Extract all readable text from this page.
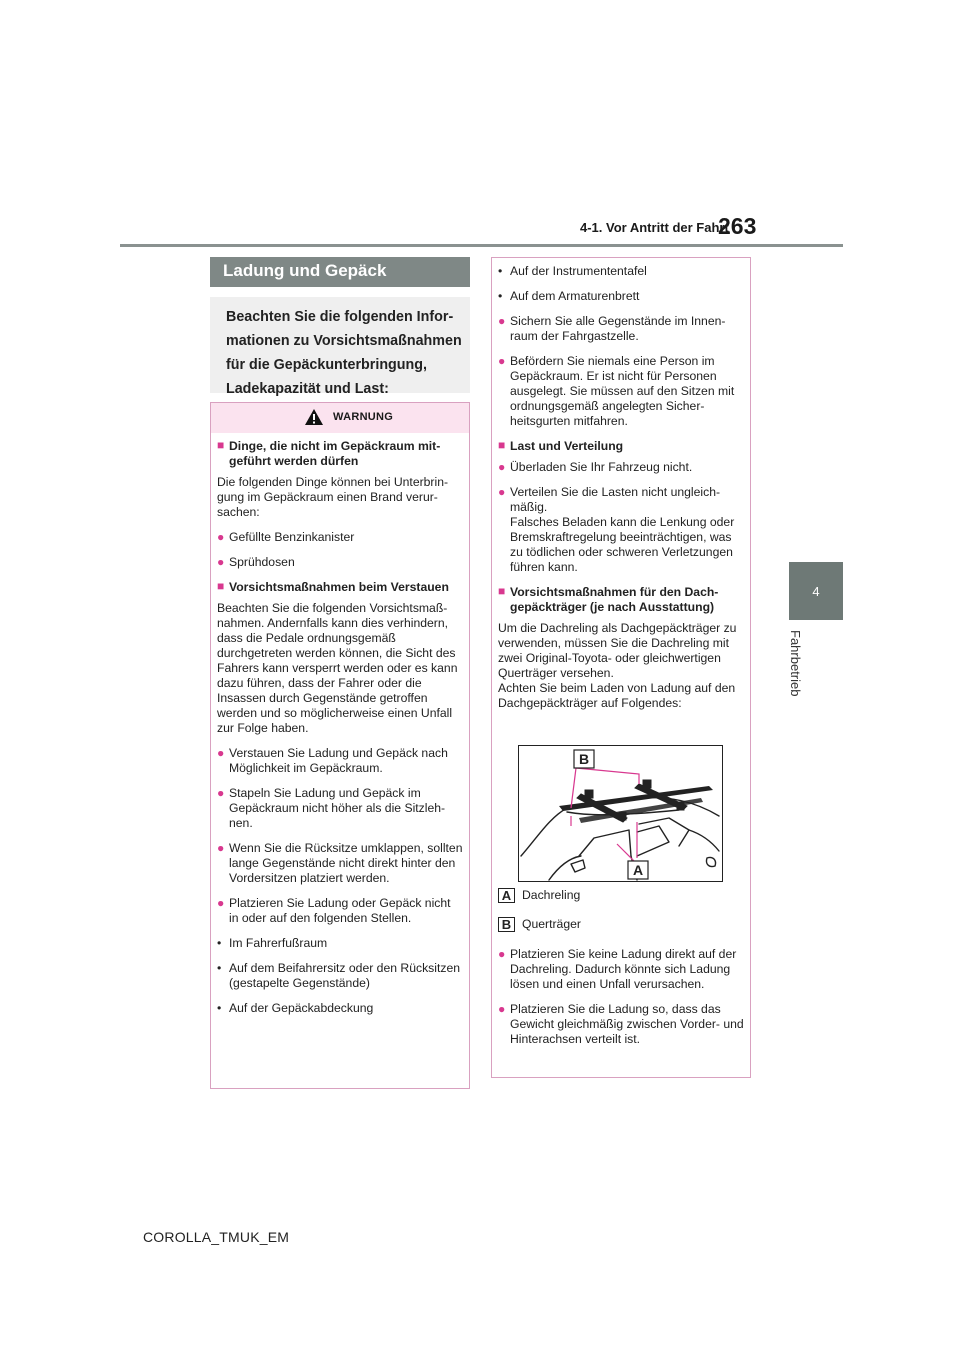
4-1. Vor Antritt der Fahrt
263
4
Fahrbetrieb
Ladung und Gepäck
Beachten Sie die folgenden Informationen zu Vorsichtsmaßnahmen für die Gepäckunterbringung, Ladekapazität und Last:
WARNUNG
■ Dinge, die nicht im Gepäckraum mitgeführt werden dürfen
Die folgenden Dinge können bei Unterbringung im Gepäckraum einen Brand verursachen:
● Gefüllte Benzinkanister
● Sprühdosen
■ Vorsichtsmaßnahmen beim Verstauen
Beachten Sie die folgenden Vorsichtsmaßnahmen. Andernfalls kann dies verhindern, dass die Pedale ordnungsgemäß durchgetreten werden können, die Sicht des Fahrers kann versperrt werden oder es kann dazu führen, dass der Fahrer oder die Insassen durch Gegenstände getroffen werden und so möglicherweise einen Unfall zur Folge haben.
● Verstauen Sie Ladung und Gepäck nach Möglichkeit im Gepäckraum.
● Stapeln Sie Ladung und Gepäck im Gepäckraum nicht höher als die Sitzlehnen.
● Wenn Sie die Rücksitze umklappen, sollten lange Gegenstände nicht direkt hinter den Vordersitzen platziert werden.
● Platzieren Sie Ladung oder Gepäck nicht in oder auf den folgenden Stellen.
• Im Fahrerfußraum
• Auf dem Beifahrersitz oder den Rücksitzen (gestapelte Gegenstände)
• Auf der Gepäckabdeckung
• Auf der Instrumententafel
• Auf dem Armaturenbrett
● Sichern Sie alle Gegenstände im Innenraum der Fahrgastzelle.
● Befördern Sie niemals eine Person im Gepäckraum. Er ist nicht für Personen ausgelegt. Sie müssen auf den Sitzen mit ordnungsgemäß angelegten Sicherheitsgurten mitfahren.
■ Last und Verteilung
● Überladen Sie Ihr Fahrzeug nicht.
● Verteilen Sie die Lasten nicht ungleichmäßig.
Falsches Beladen kann die Lenkung oder Bremskraftregelung beeinträchtigen, was zu tödlichen oder schweren Verletzungen führen kann.
■ Vorsichtsmaßnahmen für den Dachgepäckträger (je nach Ausstattung)
Um die Dachreling als Dachgepäckträger zu verwenden, müssen Sie die Dachreling mit zwei Original-Toyota- oder gleichwertigen Querträger versehen.
Achten Sie beim Laden von Ladung auf den Dachgepäckträger auf Folgendes:
A Dachreling
B Querträger
● Platzieren Sie keine Ladung direkt auf der Dachreling. Dadurch könnte sich Ladung lösen und einen Unfall verursachen.
● Platzieren Sie die Ladung so, dass das Gewicht gleichmäßig zwischen Vorder- und Hinterachsen verteilt ist.
B
A
COROLLA_TMUK_EM
